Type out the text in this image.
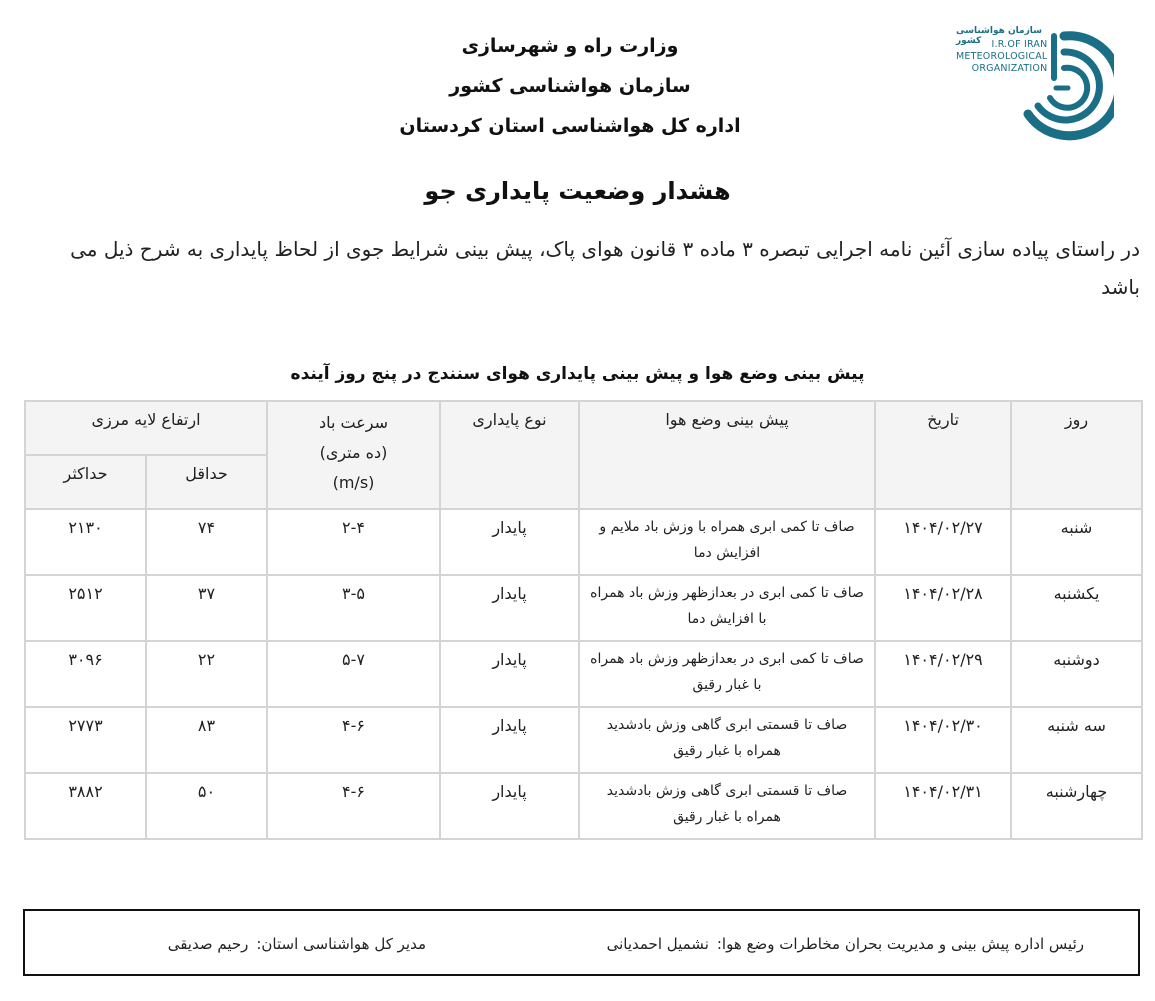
وزارت راه و شهرسازی
سازمان هواشناسی کشور
اداره کل هواشناسی استان کردستان
سازمان هواشناسی کشور	I.R.OF IRAN
METEOROLOGICAL
ORGANIZATION
هشدار وضعیت پایداری جو
در راستای پیاده سازی آئین نامه اجرایی تبصره ۳ ماده ۳ قانون هوای پاک، پیش بینی شرایط جوی از لحاظ پایداری به شرح ذیل می باشد
پیش بینی وضع هوا و پیش بینی پایداری هوای سنندج در پنج روز آینده
روز	تاریخ	پیش بینی وضع هوا	نوع پایداری	سرعت باد
(ده متری)
(m/s)	ارتفاع لایه مرزی	
					حداقل	حداکثر
شنبه	۱۴۰۴/۰۲/۲۷	صاف تا کمی ابری همراه با وزش باد ملایم و افزایش دما	پایدار	۲-۴	۷۴	۲۱۳۰
یکشنبه	۱۴۰۴/۰۲/۲۸	صاف تا کمی ابری در بعدازظهر وزش باد همراه با افزایش دما	پایدار	۳-۵	۳۷	۲۵۱۲
دوشنبه	۱۴۰۴/۰۲/۲۹	صاف تا کمی ابری در بعدازظهر وزش باد همراه با غبار رقیق	پایدار	۵-۷	۲۲	۳۰۹۶
سه شنبه	۱۴۰۴/۰۲/۳۰	صاف تا قسمتی ابری گاهی وزش بادشدید همراه با غبار رقیق	پایدار	۴-۶	۸۳	۲۷۷۳
چهارشنبه	۱۴۰۴/۰۲/۳۱	صاف تا قسمتی ابری گاهی وزش بادشدید همراه با غبار رقیق	پایدار	۴-۶	۵۰	۳۸۸۲
رئیس اداره پیش بینی و مدیریت بحران مخاطرات وضع هوا:نشمیل احمدیانی
مدیر کل هواشناسی استان:رحیم صدیقی
